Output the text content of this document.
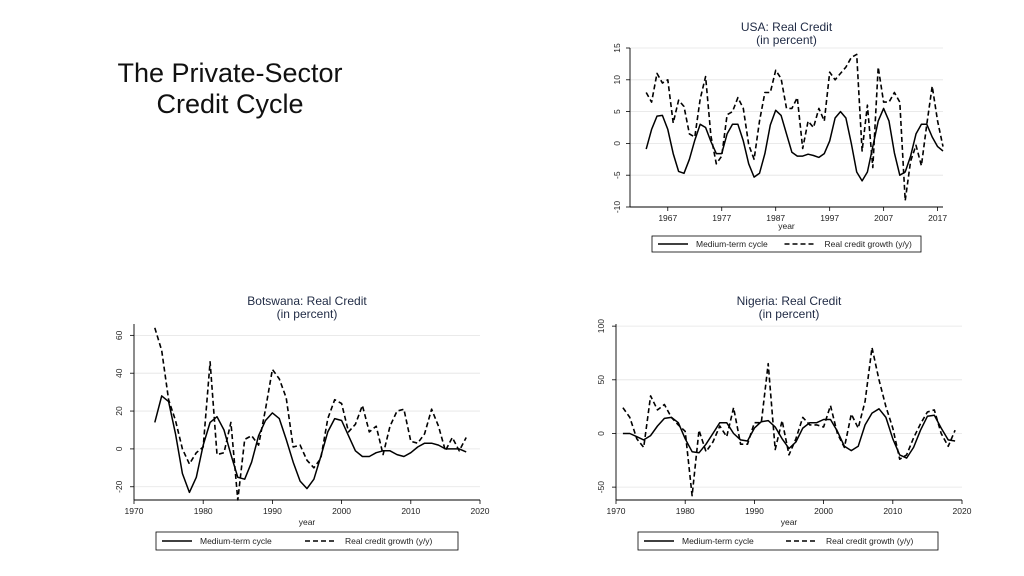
The Private-Sector
Credit Cycle
USA: Real Credit
(in percent)
-10
-5
0
5
10
15
1967	1977	1987	1997	2007	2017
year
Medium-term cycle	Real credit growth (y/y)
Botswana: Real Credit
(in percent)
-20
0
20
40
60
1970	1980	1990	2000	2010	2020
year
Medium-term cycle	Real credit growth (y/y)
Nigeria: Real Credit
(in percent)
-50
0
50
100
1970	1980	1990	2000	2010	2020
year
Medium-term cycle	Real credit growth (y/y)
